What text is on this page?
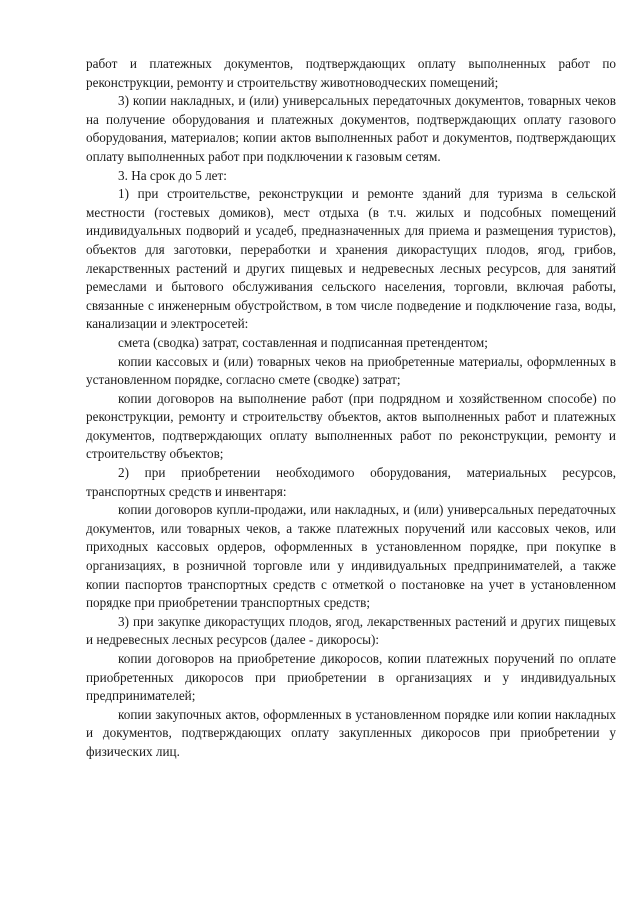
работ и платежных документов, подтверждающих оплату выполненных работ по реконструкции, ремонту и строительству животноводческих помещений;

3) копии накладных, и (или) универсальных передаточных документов, товарных чеков на получение оборудования и платежных документов, подтверждающих оплату газового оборудования, материалов; копии актов выполненных работ и документов, подтверждающих оплату выполненных работ при подключении к газовым сетям.

3. На срок до 5 лет:

1) при строительстве, реконструкции и ремонте зданий для туризма в сельской местности (гостевых домиков), мест отдыха (в т.ч. жилых и подсобных помещений индивидуальных подворий и усадеб, предназначенных для приема и размещения туристов), объектов для заготовки, переработки и хранения дикорастущих плодов, ягод, грибов, лекарственных растений и других пищевых и недревесных лесных ресурсов, для занятий ремеслами и бытового обслуживания сельского населения, торговли, включая работы, связанные с инженерным обустройством, в том числе подведение и подключение газа, воды, канализации и электросетей:

смета (сводка) затрат, составленная и подписанная претендентом;

копии кассовых и (или) товарных чеков на приобретенные материалы, оформленных в установленном порядке, согласно смете (сводке) затрат;

копии договоров на выполнение работ (при подрядном и хозяйственном способе) по реконструкции, ремонту и строительству объектов, актов выполненных работ и платежных документов, подтверждающих оплату выполненных работ по реконструкции, ремонту и строительству объектов;

2) при приобретении необходимого оборудования, материальных ресурсов, транспортных средств и инвентаря:

копии договоров купли-продажи, или накладных, и (или) универсальных передаточных документов, или товарных чеков, а также платежных поручений или кассовых чеков, или приходных кассовых ордеров, оформленных в установленном порядке, при покупке в организациях, в розничной торговле или у индивидуальных предпринимателей, а также копии паспортов транспортных средств с отметкой о постановке на учет в установленном порядке при приобретении транспортных средств;

3) при закупке дикорастущих плодов, ягод, лекарственных растений и других пищевых и недревесных лесных ресурсов (далее - дикоросы):

копии договоров на приобретение дикоросов, копии платежных поручений по оплате приобретенных дикоросов при приобретении в организациях и у индивидуальных предпринимателей;

копии закупочных актов, оформленных в установленном порядке или копии накладных и документов, подтверждающих оплату закупленных дикоросов при приобретении у физических лиц.
